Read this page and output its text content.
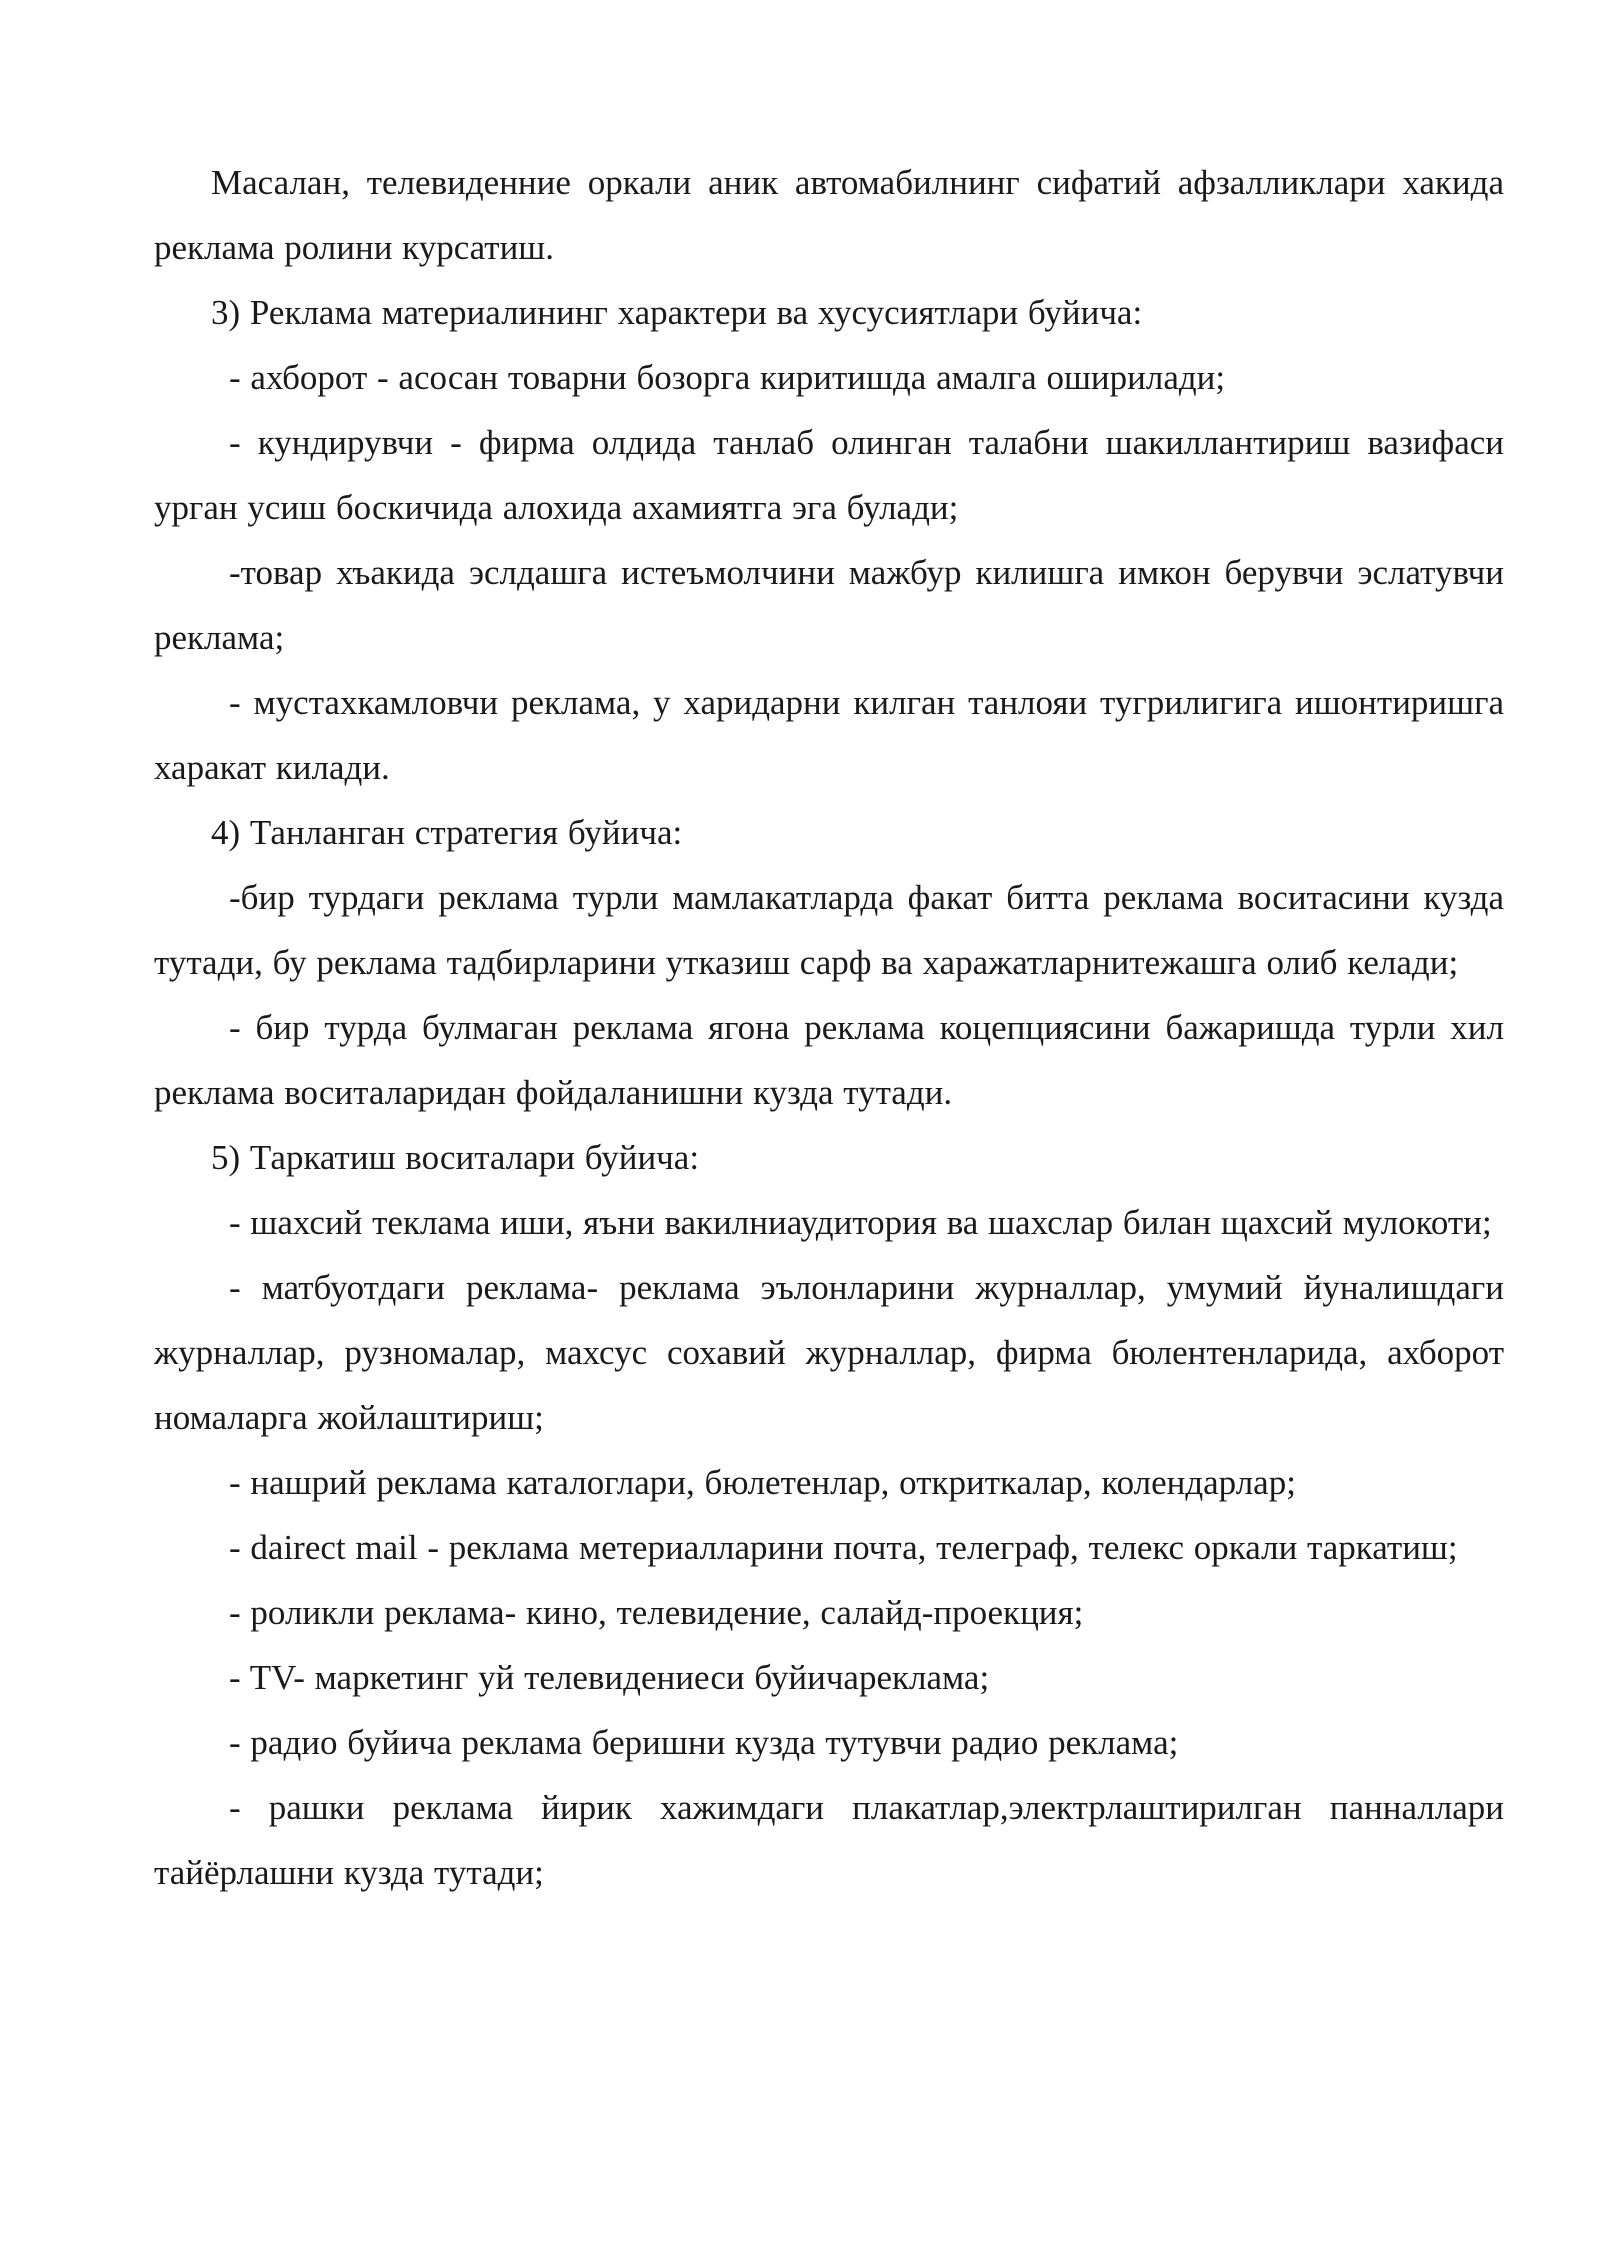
Масалан, телевиденние оркали аник автомабилнинг сифатий афзалликлари хакида реклама ролини курсатиш.

3) Реклама материалининг характери ва хусусиятлари буйича:

- ахборот - асосан товарни бозорга киритишда амалга оширилади;

- кундирувчи - фирма олдида танлаб олинган талабни шакиллантириш вазифаси урган усиш боскичида алохида ахамиятга эга булади;

-товар хъакида эслдашга истеъмолчини мажбур килишга имкон берувчи эслатувчи реклама;

- мустахкамловчи реклама, у харидарни килган танлояи тугрилигига ишонтиришга харакат килади.

4) Танланган стратегия буйича:

-бир турдаги реклама турли мамлакатларда факат битта реклама воситасини кузда тутади, бу реклама тадбирларини утказиш сарф ва харажатларнитежашга олиб келади;

- бир турда булмаган реклама ягона реклама коцепциясини бажаришда турли хил реклама воситаларидан фойдаланишни кузда тутади.

5) Таркатиш воситалари буйича:

- шахсий теклама иши, яъни вакилниаудитория ва шахслар билан щахсий мулокоти;

- матбуотдаги реклама- реклама эълонларини журналлар, умумий йуналишдаги журналлар, рузномалар, махсус сохавий журналлар, фирма бюлентенларида, ахборот номаларга жойлаштириш;

- нашрий реклама каталоглари, бюлетенлар, откриткалар, колендарлар;

- dairect mail - реклама метериалларини почта, телеграф, телекс оркали таркатиш;

- роликли реклама- кино, телевидение, салайд-проекция;

- TV- маркетинг уй телевидениеси буйичареклама;

- радио буйича реклама беришни кузда тутувчи радио реклама;

- рашки реклама йирик хажимдаги плакатлар,электрлаштирилган панналлари тайёрлашни кузда тутади;
